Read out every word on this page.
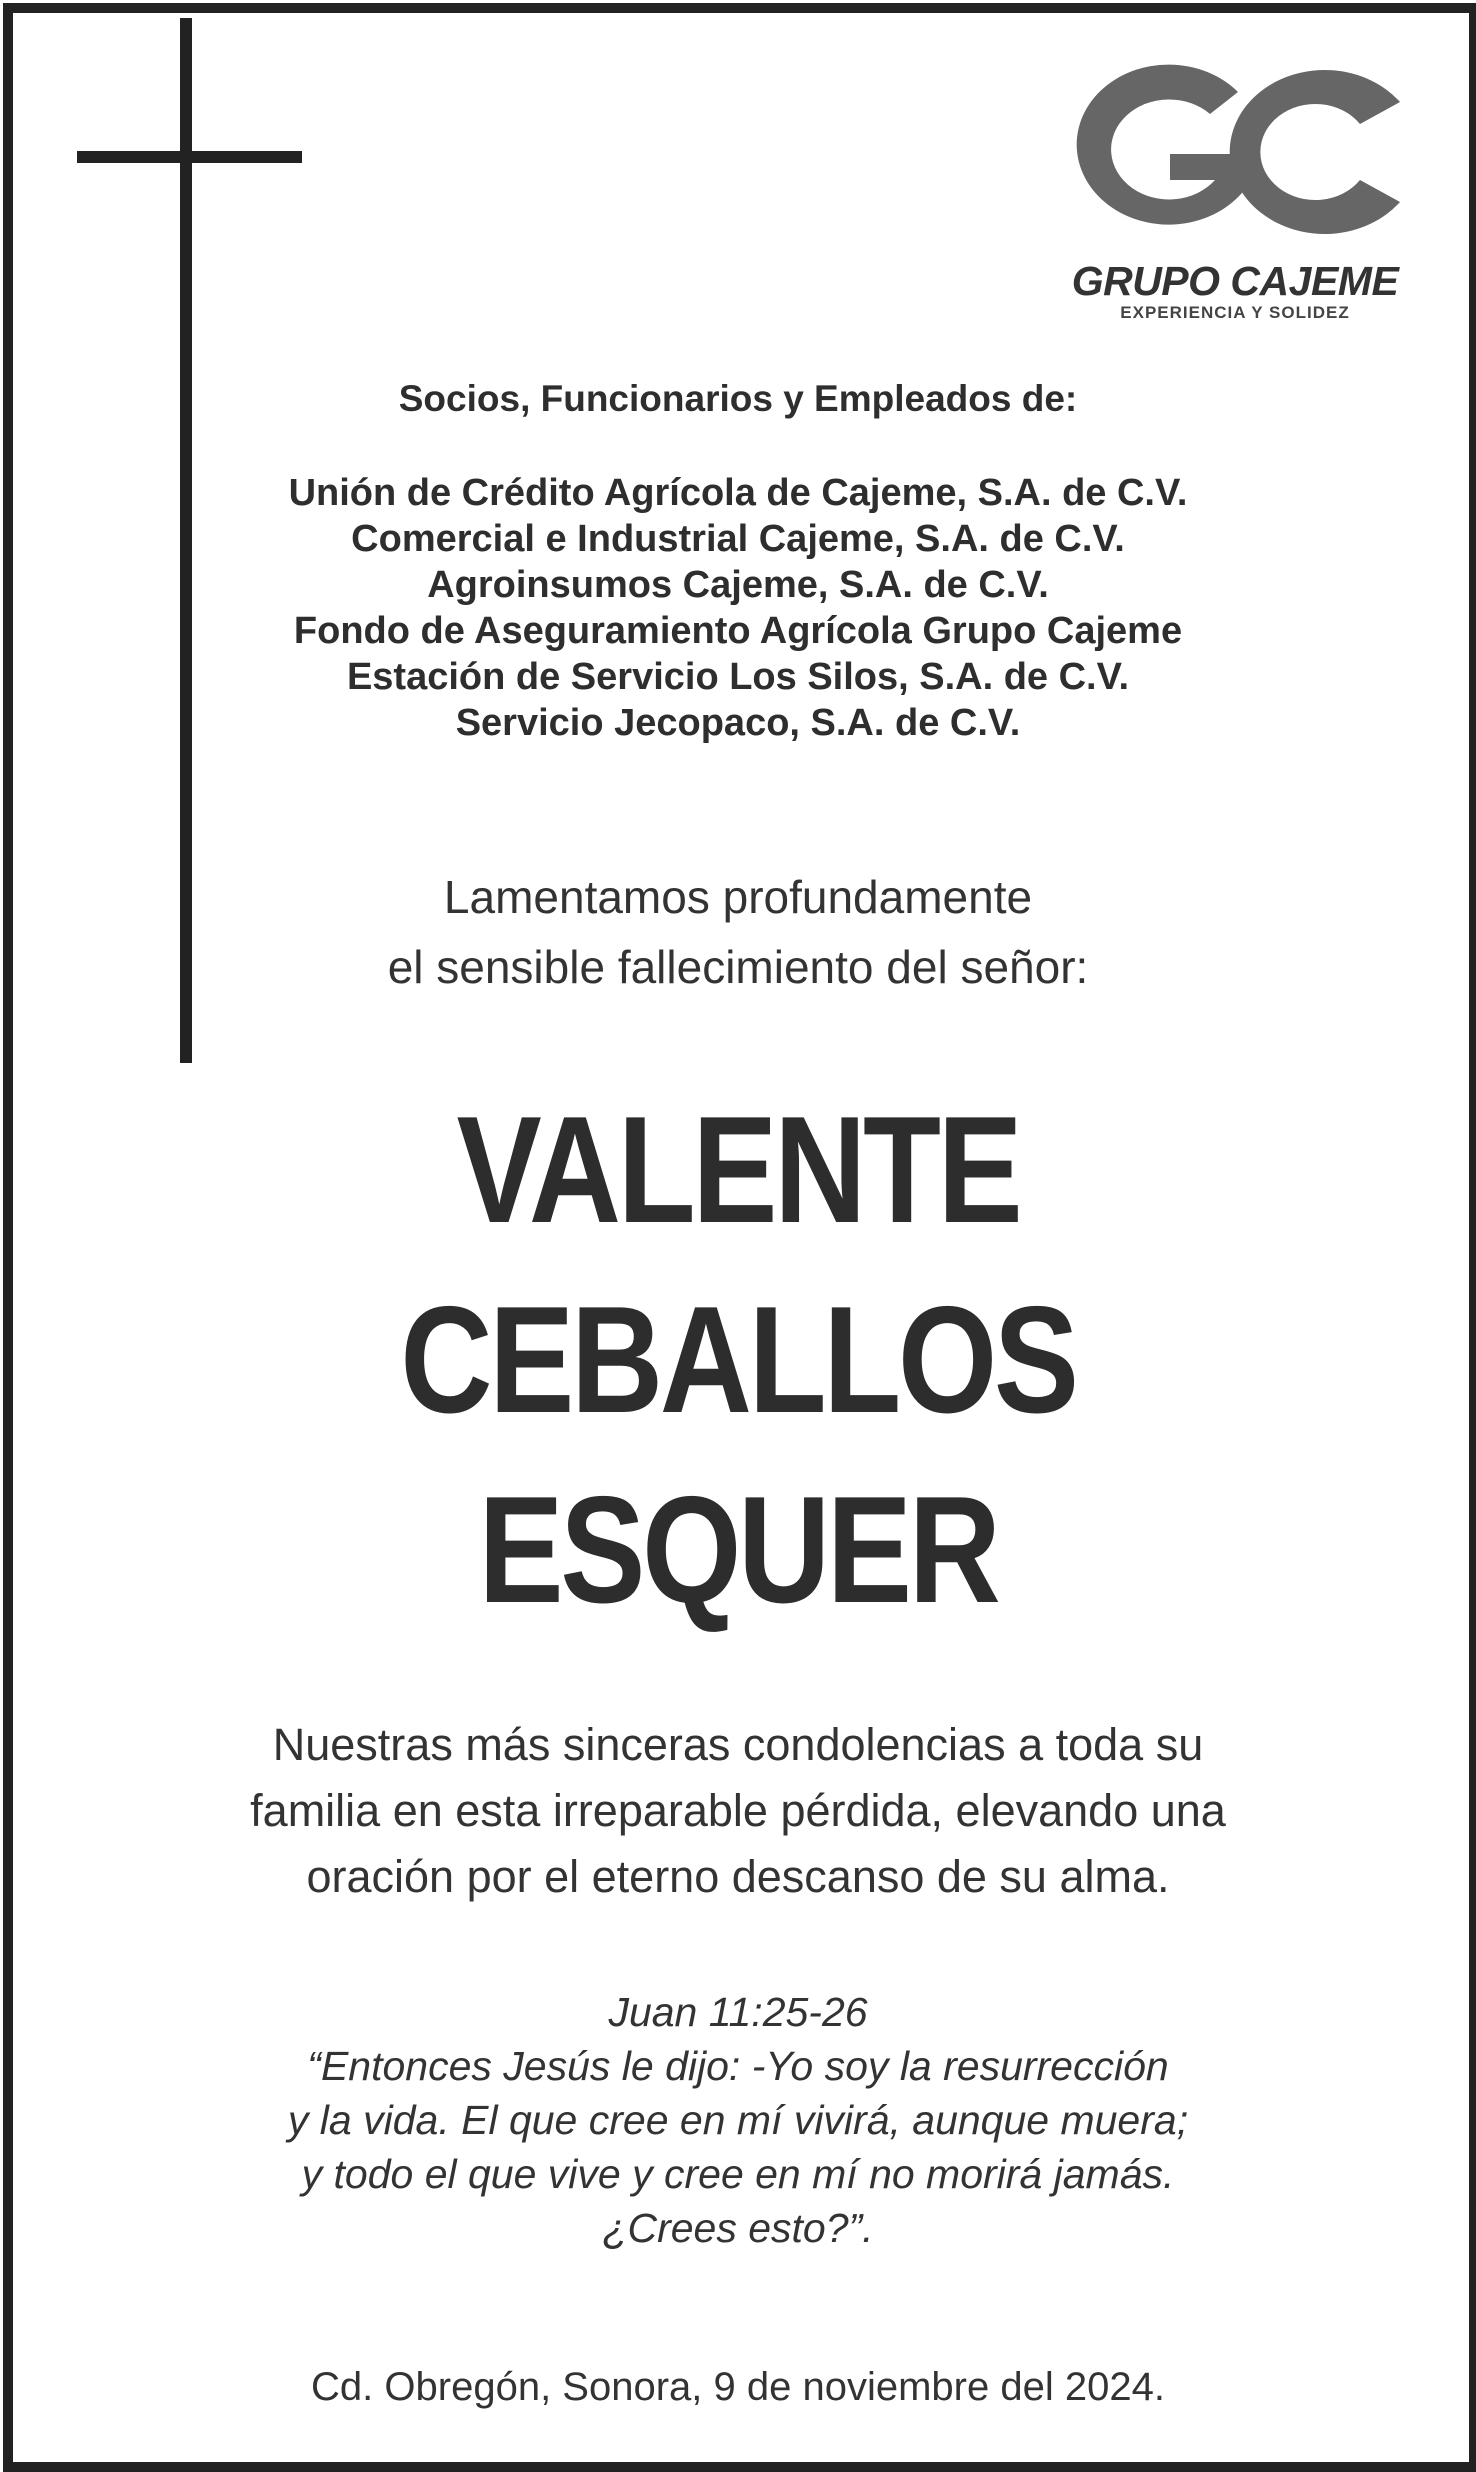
GRUPO CAJEME
EXPERIENCIA Y SOLIDEZ
Socios, Funcionarios y Empleados de:
Unión de Crédito Agrícola de Cajeme, S.A. de C.V.
Comercial e Industrial Cajeme, S.A. de C.V.
Agroinsumos Cajeme, S.A. de C.V.
Fondo de Aseguramiento Agrícola Grupo Cajeme
Estación de Servicio Los Silos, S.A. de C.V.
Servicio Jecopaco, S.A. de C.V.
Lamentamos profundamente
el sensible fallecimiento del señor:
VALENTE
CEBALLOS
ESQUER
Nuestras más sinceras condolencias a toda su
familia en esta irreparable pérdida, elevando una
oración por el eterno descanso de su alma.
Juan 11:25-26
“Entonces Jesús le dijo: -Yo soy la resurrección
y la vida. El que cree en mí vivirá, aunque muera;
y todo el que vive y cree en mí no morirá jamás.
¿Crees esto?”.
Cd. Obregón, Sonora, 9 de noviembre del 2024.
